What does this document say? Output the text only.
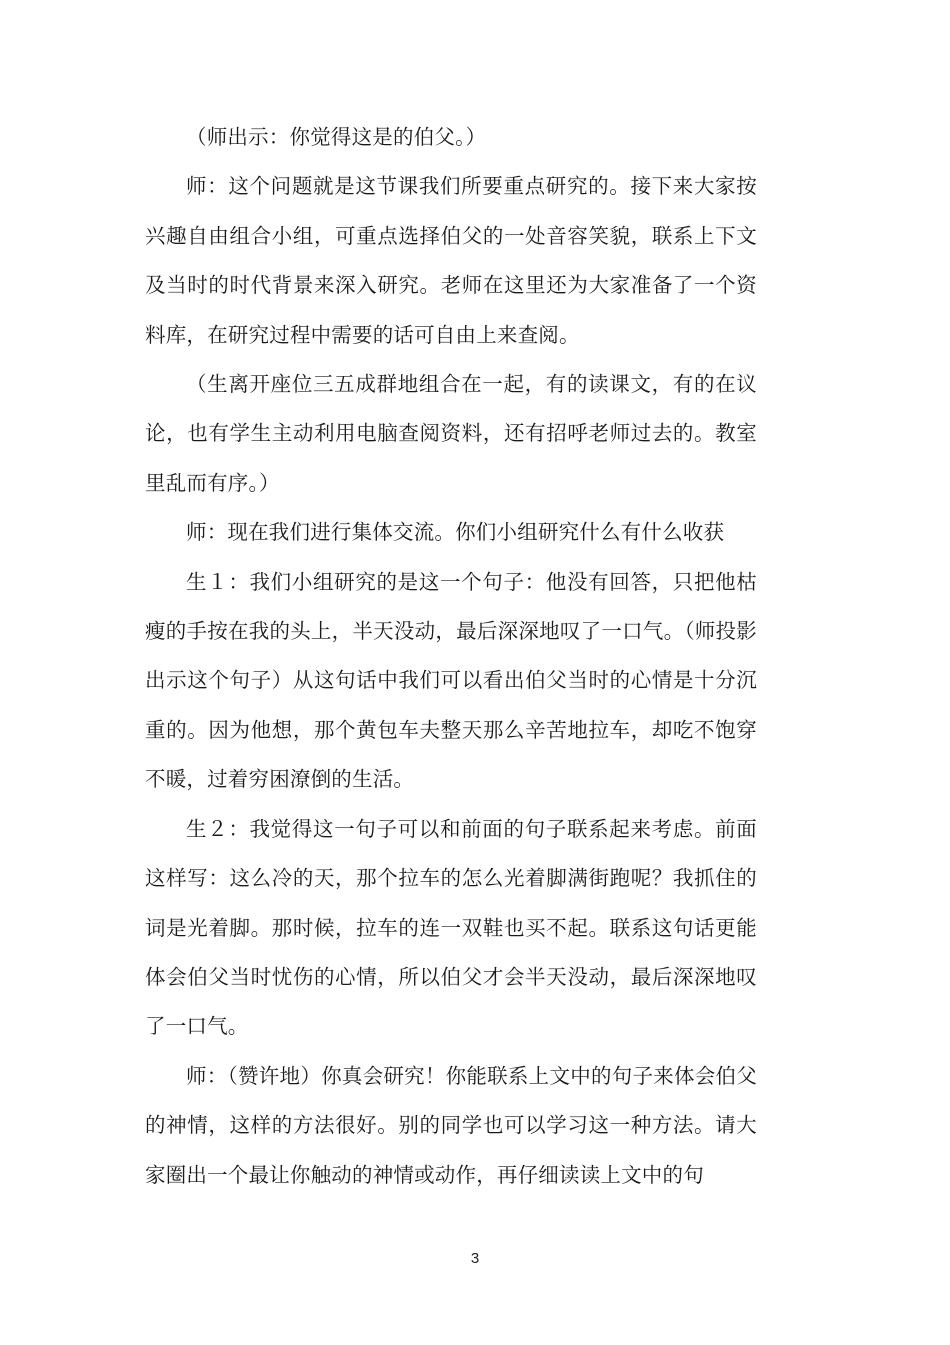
（师出示：你觉得这是的伯父。）

师：这个问题就是这节课我们所要重点研究的。接下来大家按兴趣自由组合小组，可重点选择伯父的一处音容笑貌，联系上下文及当时的时代背景来深入研究。老师在这里还为大家准备了一个资料库，在研究过程中需要的话可自由上来查阅。

（生离开座位三五成群地组合在一起，有的读课文，有的在议论，也有学生主动利用电脑查阅资料，还有招呼老师过去的。教室里乱而有序。）

师：现在我们进行集体交流。你们小组研究什么有什么收获

生１：我们小组研究的是这一个句子：他没有回答，只把他枯瘦的手按在我的头上，半天没动，最后深深地叹了一口气。（师投影出示这个句子）从这句话中我们可以看出伯父当时的心情是十分沉重的。因为他想，那个黄包车夫整天那么辛苦地拉车，却吃不饱穿不暖，过着穷困潦倒的生活。

生２：我觉得这一句子可以和前面的句子联系起来考虑。前面这样写：这么冷的天，那个拉车的怎么光着脚满街跑呢？我抓住的词是光着脚。那时候，拉车的连一双鞋也买不起。联系这句话更能体会伯父当时忧伤的心情，所以伯父才会半天没动，最后深深地叹了一口气。

师：（赞许地）你真会研究！你能联系上文中的句子来体会伯父的神情，这样的方法很好。别的同学也可以学习这一种方法。请大家圈出一个最让你触动的神情或动作，再仔细读读上文中的句

3
